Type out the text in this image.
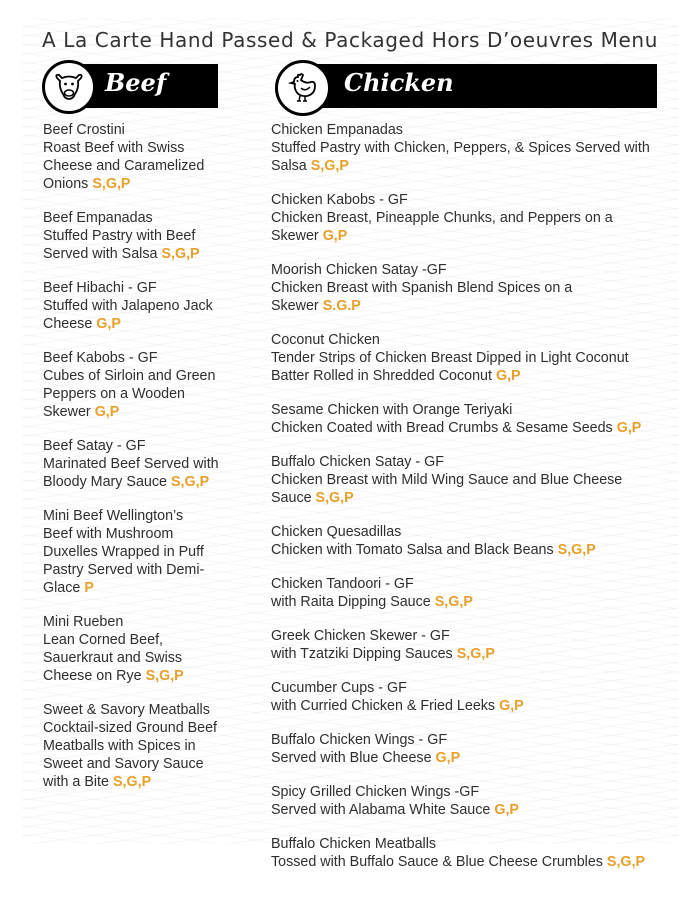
A La Carte Hand Passed & Packaged Hors D’oeuvres Menu
Beef	Chicken
Beef Crostini
Roast Beef with Swiss Cheese and Caramelized Onions S,G,P
Beef Empanadas
Stuffed Pastry with Beef Served with Salsa S,G,P
Beef Hibachi - GF
Stuffed with Jalapeno Jack Cheese G,P
Beef Kabobs - GF
Cubes of Sirloin and Green Peppers on a Wooden Skewer G,P
Beef Satay - GF
Marinated Beef Served with Bloody Mary Sauce S,G,P
Mini Beef Wellington’s
Beef with Mushroom Duxelles Wrapped in Puff Pastry Served with Demi-Glace P
Mini Rueben
Lean Corned Beef, Sauerkraut and Swiss Cheese on Rye S,G,P
Sweet & Savory Meatballs
Cocktail-sized Ground Beef Meatballs with Spices in Sweet and Savory Sauce with a Bite S,G,P
Chicken Empanadas
Stuffed Pastry with Chicken, Peppers, & Spices Served with Salsa S,G,P
Chicken Kabobs - GF
Chicken Breast, Pineapple Chunks, and Peppers on a Skewer G,P
Moorish Chicken Satay -GF
Chicken Breast with Spanish Blend Spices on a Skewer S.G.P
Coconut Chicken
Tender Strips of Chicken Breast Dipped in Light Coconut Batter Rolled in Shredded Coconut G,P
Sesame Chicken with Orange Teriyaki
Chicken Coated with Bread Crumbs & Sesame Seeds G,P
Buffalo Chicken Satay - GF
Chicken Breast with Mild Wing Sauce and Blue Cheese Sauce S,G,P
Chicken Quesadillas
Chicken with Tomato Salsa and Black Beans S,G,P
Chicken Tandoori - GF
with Raita Dipping Sauce S,G,P
Greek Chicken Skewer - GF
with Tzatziki Dipping Sauces S,G,P
Cucumber Cups - GF
with Curried Chicken & Fried Leeks G,P
Buffalo Chicken Wings - GF
Served with Blue Cheese G,P
Spicy Grilled Chicken Wings -GF
Served with Alabama White Sauce G,P
Buffalo Chicken Meatballs
Tossed with Buffalo Sauce & Blue Cheese Crumbles S,G,P
